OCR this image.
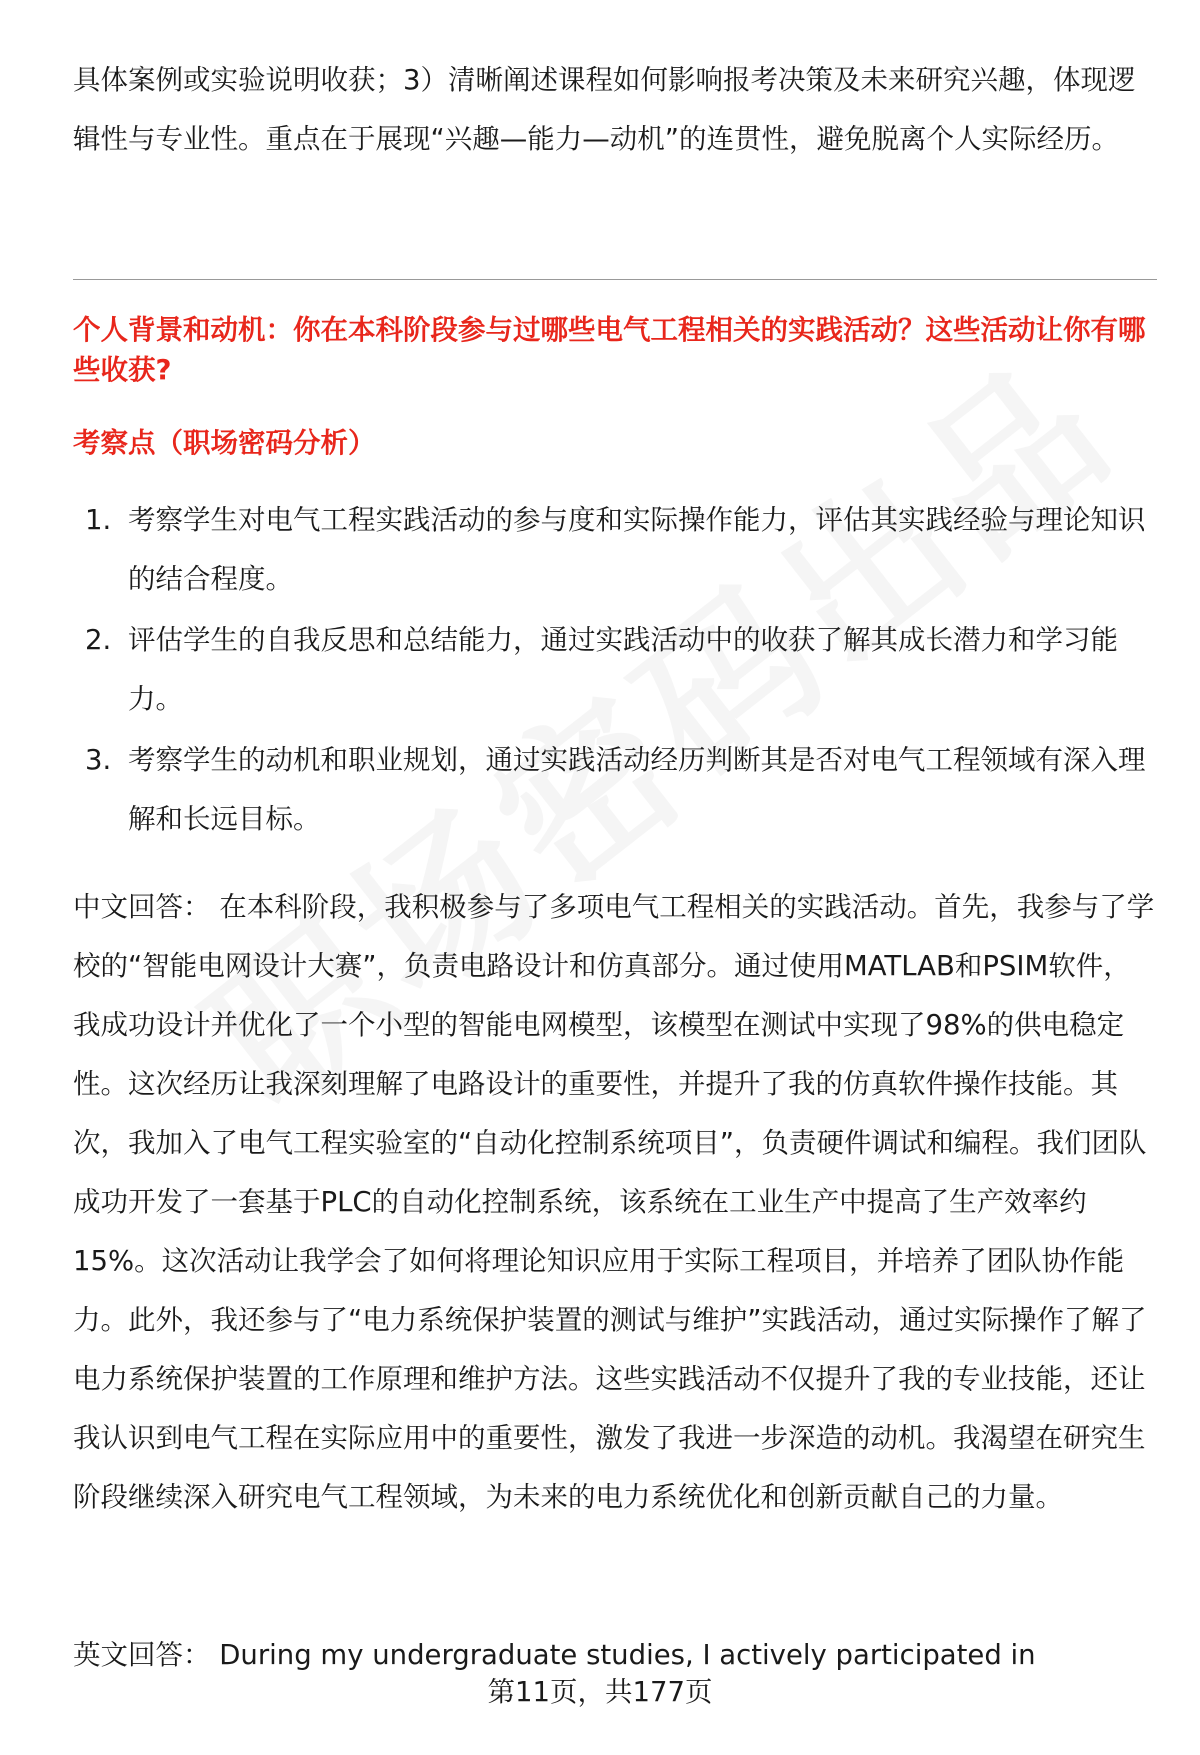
具体案例或实验说明收获；3）清晰阐述课程如何影响报考决策及未来研究兴趣，体现逻辑性与专业性。重点在于展现“兴趣—能力—动机”的连贯性，避免脱离个人实际经历。

个人背景和动机：你在本科阶段参与过哪些电气工程相关的实践活动？这些活动让你有哪些收获?

考察点（职场密码分析）

1. 考察学生对电气工程实践活动的参与度和实际操作能力，评估其实践经验与理论知识的结合程度。
2. 评估学生的自我反思和总结能力，通过实践活动中的收获了解其成长潜力和学习能力。
3. 考察学生的动机和职业规划，通过实践活动经历判断其是否对电气工程领域有深入理解和长远目标。

中文回答： 在本科阶段，我积极参与了多项电气工程相关的实践活动。首先，我参与了学校的“智能电网设计大赛”，负责电路设计和仿真部分。通过使用MATLAB和PSIM软件，我成功设计并优化了一个小型的智能电网模型，该模型在测试中实现了98%的供电稳定性。这次经历让我深刻理解了电路设计的重要性，并提升了我的仿真软件操作技能。其次，我加入了电气工程实验室的“自动化控制系统项目”，负责硬件调试和编程。我们团队成功开发了一套基于PLC的自动化控制系统，该系统在工业生产中提高了生产效率约15%。这次活动让我学会了如何将理论知识应用于实际工程项目，并培养了团队协作能力。此外，我还参与了“电力系统保护装置的测试与维护”实践活动，通过实际操作了解了电力系统保护装置的工作原理和维护方法。这些实践活动不仅提升了我的专业技能，还让我认识到电气工程在实际应用中的重要性，激发了我进一步深造的动机。我渴望在研究生阶段继续深入研究电气工程领域，为未来的电力系统优化和创新贡献自己的力量。

英文回答： During my undergraduate studies, I actively participated in

第11页，共177页
